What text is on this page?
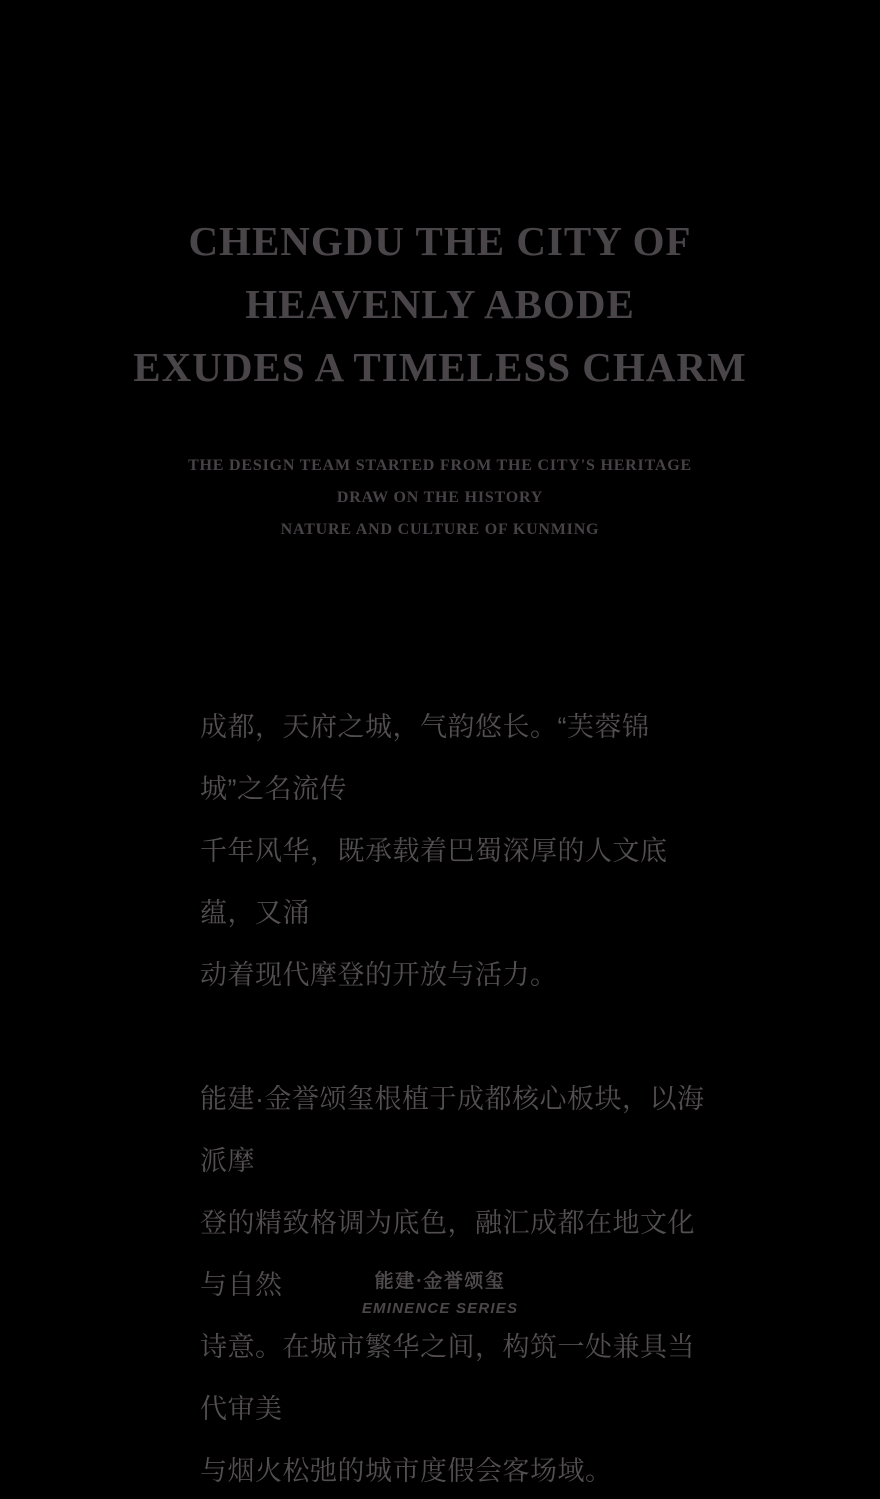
CHENGDU THE CITY OF
HEAVENLY ABODE
EXUDES A TIMELESS CHARM
THE DESIGN TEAM STARTED FROM THE CITY'S HERITAGE
DRAW ON THE HISTORY
NATURE AND CULTURE OF KUNMING
成都，天府之城，气韵悠长。“芙蓉锦城”之名流传
千年风华，既承载着巴蜀深厚的人文底蕴，又涌
动着现代摩登的开放与活力。
能建·金誉颂玺根植于成都核心板块，以海派摩
登的精致格调为底色，融汇成都在地文化与自然
诗意。在城市繁华之间，构筑一处兼具当代审美
与烟火松弛的城市度假会客场域。
能建·金誉颂玺
EMINENCE SERIES
